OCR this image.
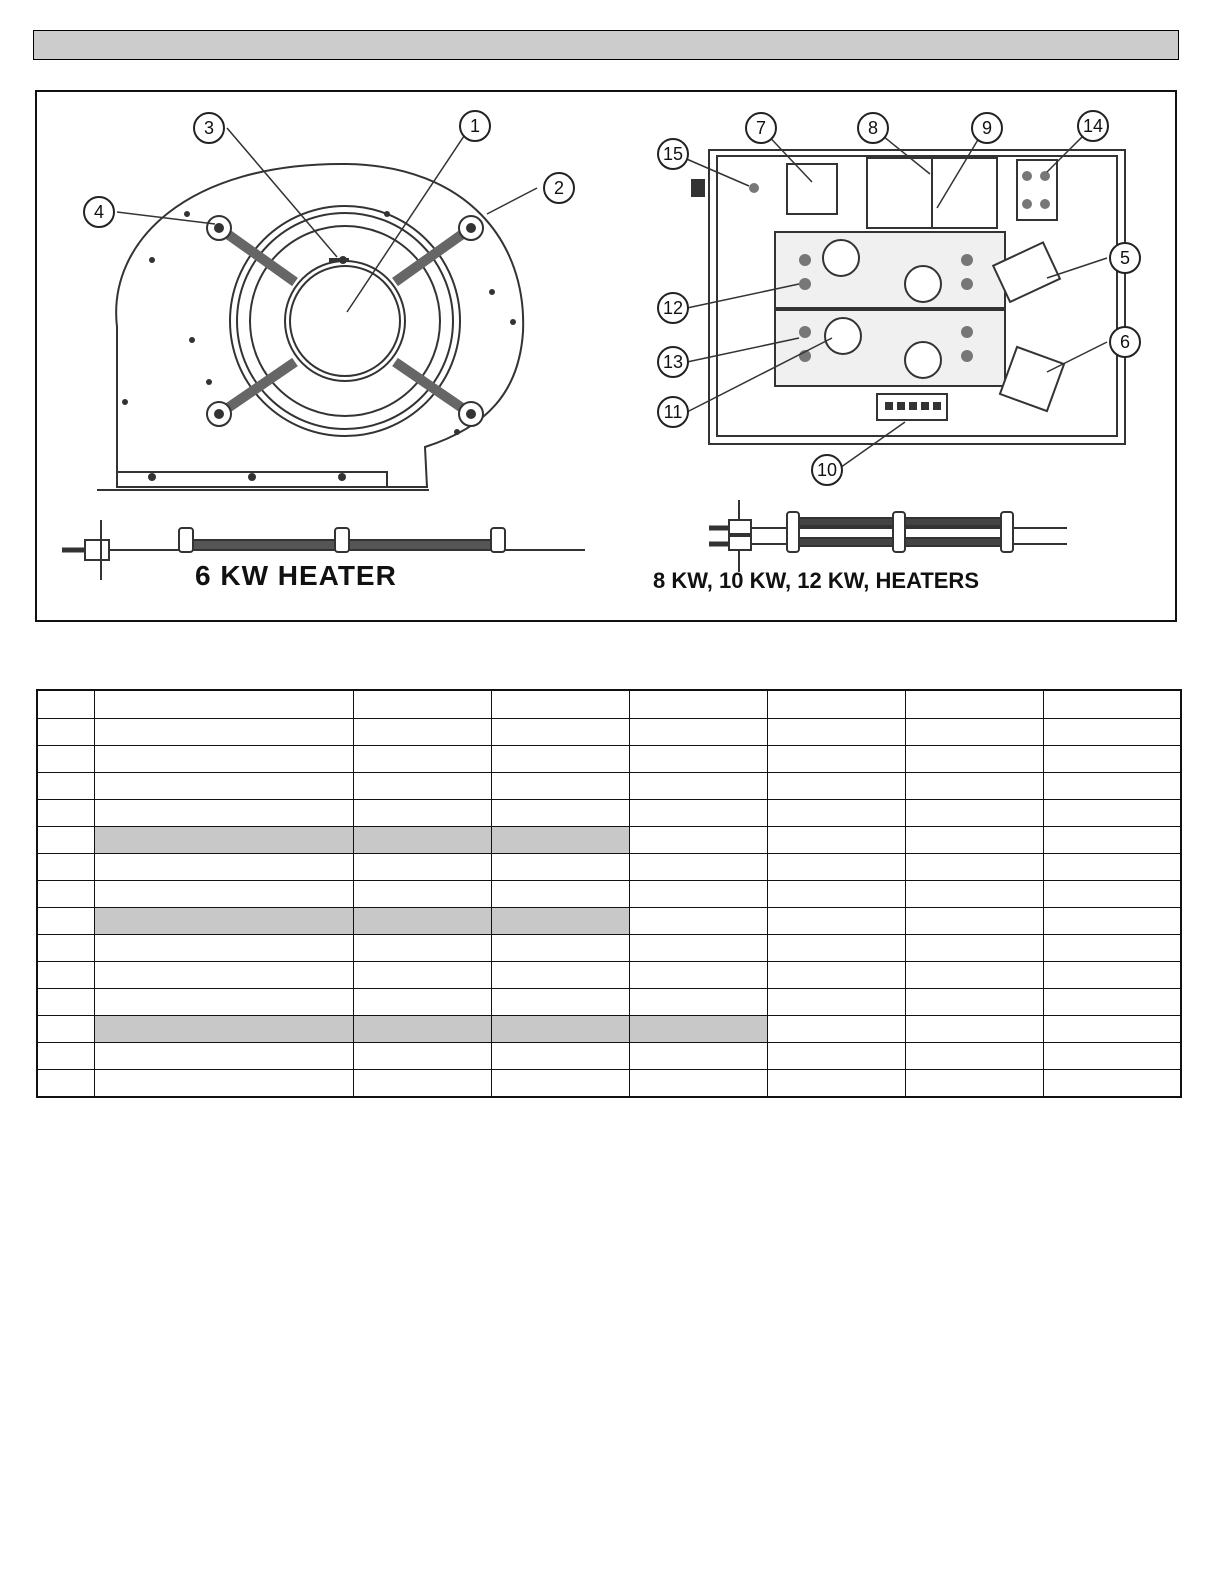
1
2
3
4
5
6
7	8	9
10
11
12
13
14
15
6 KW HEATER	8 KW, 10 KW, 12 KW, HEATERS
